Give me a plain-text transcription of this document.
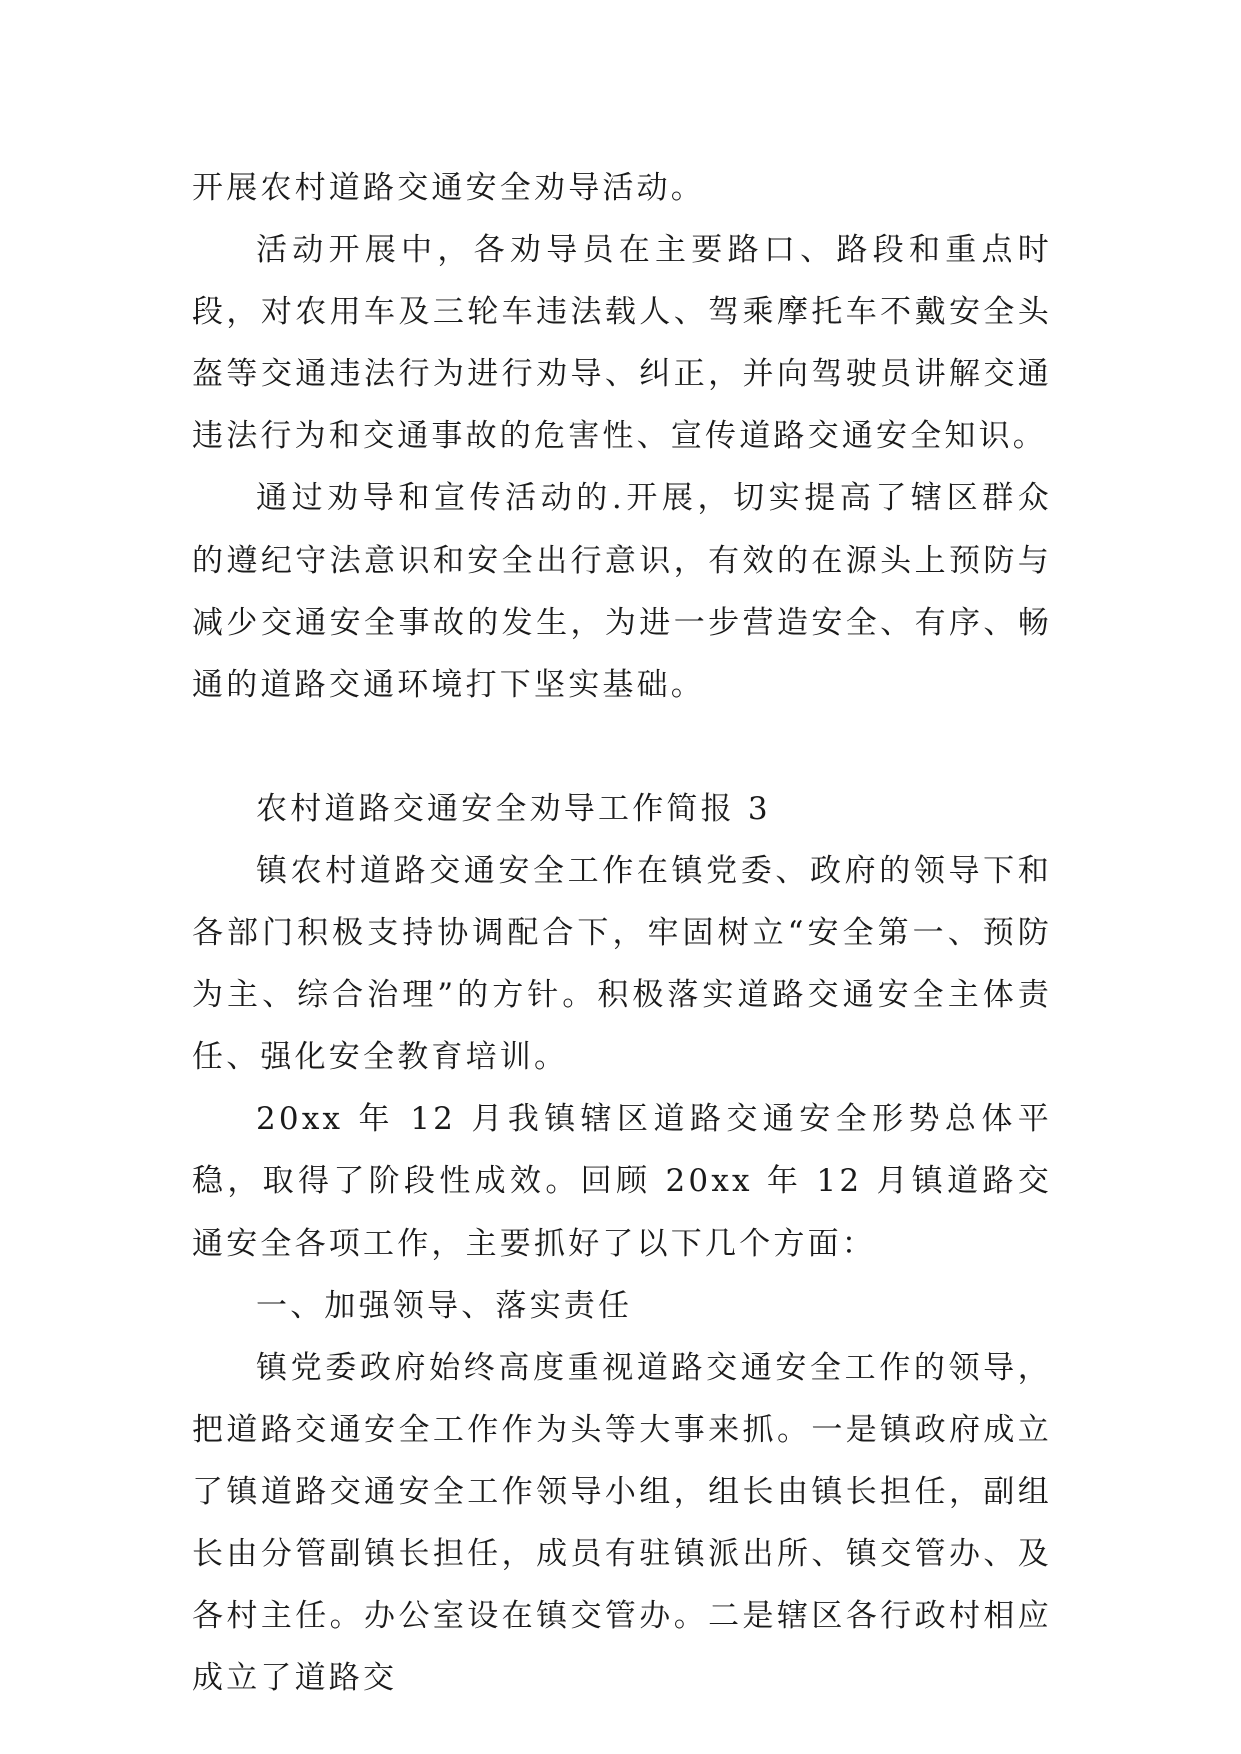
开展农村道路交通安全劝导活动。

活动开展中，各劝导员在主要路口、路段和重点时段，对农用车及三轮车违法载人、驾乘摩托车不戴安全头盔等交通违法行为进行劝导、纠正，并向驾驶员讲解交通违法行为和交通事故的危害性、宣传道路交通安全知识。

通过劝导和宣传活动的.开展，切实提高了辖区群众的遵纪守法意识和安全出行意识，有效的在源头上预防与减少交通安全事故的发生，为进一步营造安全、有序、畅通的道路交通环境打下坚实基础。

农村道路交通安全劝导工作简报 3

镇农村道路交通安全工作在镇党委、政府的领导下和各部门积极支持协调配合下，牢固树立“安全第一、预防为主、综合治理”的方针。积极落实道路交通安全主体责任、强化安全教育培训。

20xx 年 12 月我镇辖区道路交通安全形势总体平稳，取得了阶段性成效。回顾 20xx 年 12 月镇道路交通安全各项工作，主要抓好了以下几个方面：

一、加强领导、落实责任

镇党委政府始终高度重视道路交通安全工作的领导，把道路交通安全工作作为头等大事来抓。一是镇政府成立了镇道路交通安全工作领导小组，组长由镇长担任，副组长由分管副镇长担任，成员有驻镇派出所、镇交管办、及各村主任。办公室设在镇交管办。二是辖区各行政村相应成立了道路交
